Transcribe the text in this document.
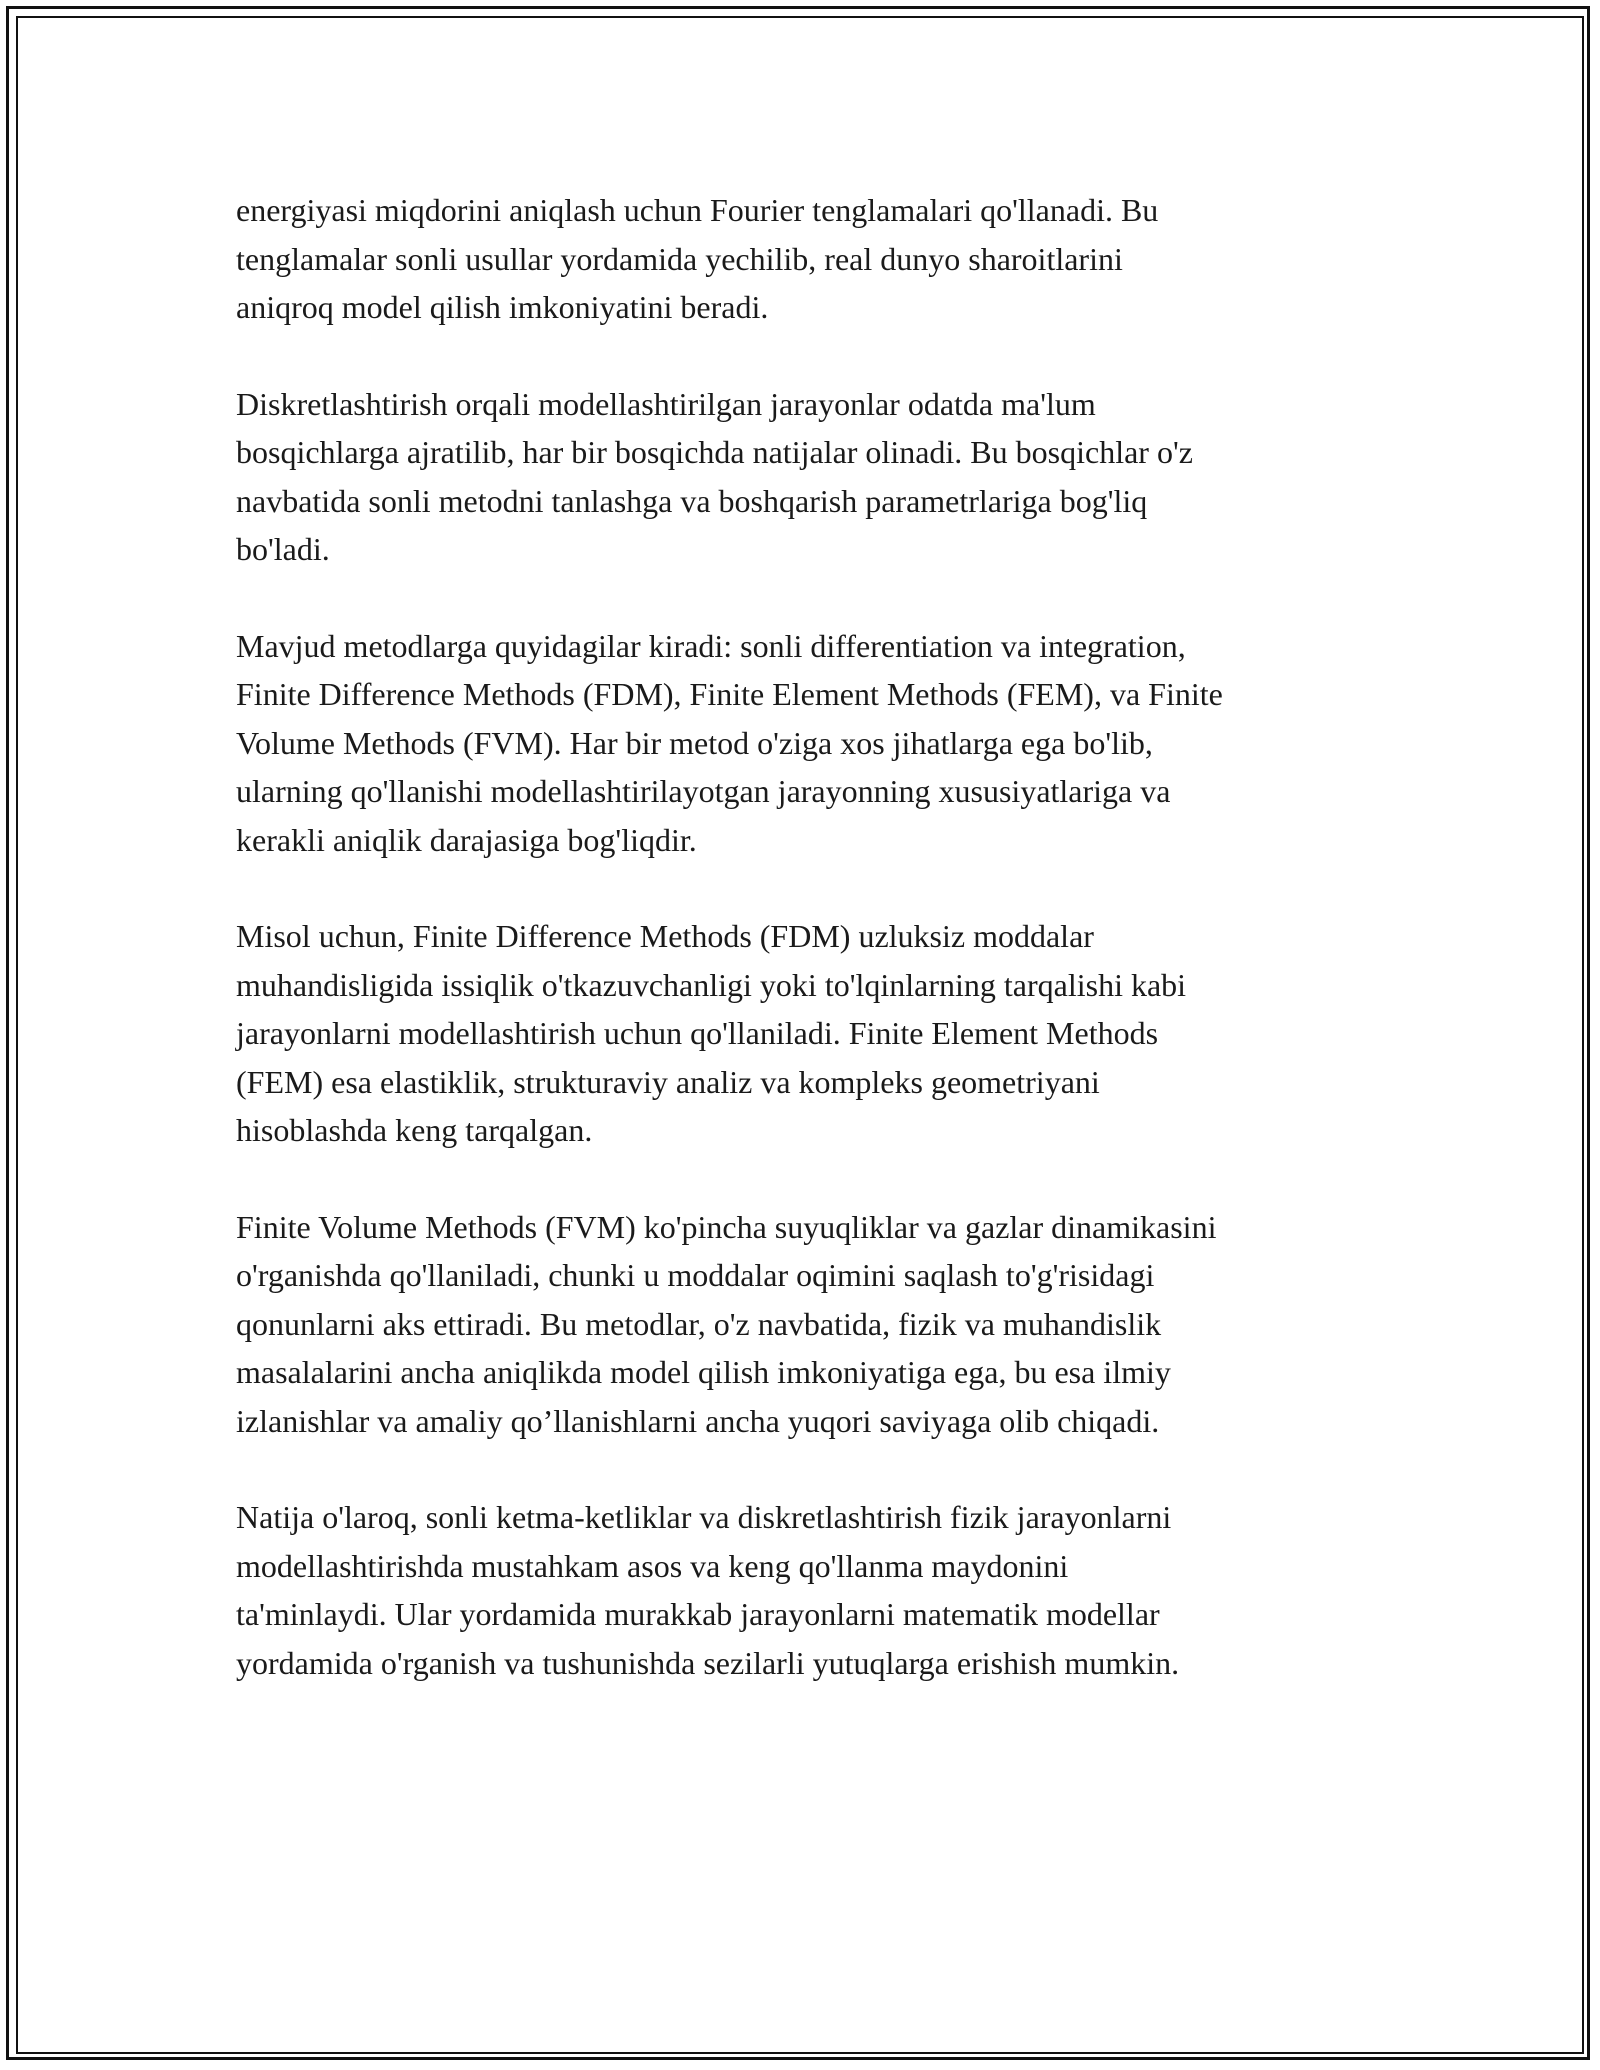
energiyasi miqdorini aniqlash uchun Fourier tenglamalari qo'llanadi. Bu
tenglamalar sonli usullar yordamida yechilib, real dunyo sharoitlarini
aniqroq model qilish imkoniyatini beradi.

Diskretlashtirish orqali modellashtirilgan jarayonlar odatda ma'lum
bosqichlarga ajratilib, har bir bosqichda natijalar olinadi. Bu bosqichlar o'z
navbatida sonli metodni tanlashga va boshqarish parametrlariga bog'liq
bo'ladi.

Mavjud metodlarga quyidagilar kiradi: sonli differentiation va integration,
Finite Difference Methods (FDM), Finite Element Methods (FEM), va Finite
Volume Methods (FVM). Har bir metod o'ziga xos jihatlarga ega bo'lib,
ularning qo'llanishi modellashtirilayotgan jarayonning xususiyatlariga va
kerakli aniqlik darajasiga bog'liqdir.

Misol uchun, Finite Difference Methods (FDM) uzluksiz moddalar
muhandisligida issiqlik o'tkazuvchanligi yoki to'lqinlarning tarqalishi kabi
jarayonlarni modellashtirish uchun qo'llaniladi. Finite Element Methods
(FEM) esa elastiklik, strukturaviy analiz va kompleks geometriyani
hisoblashda keng tarqalgan.

Finite Volume Methods (FVM) ko'pincha suyuqliklar va gazlar dinamikasini
o'rganishda qo'llaniladi, chunki u moddalar oqimini saqlash to'g'risidagi
qonunlarni aks ettiradi. Bu metodlar, o'z navbatida, fizik va muhandislik
masalalarini ancha aniqlikda model qilish imkoniyatiga ega, bu esa ilmiy
izlanishlar va amaliy qo’llanishlarni ancha yuqori saviyaga olib chiqadi.

Natija o'laroq, sonli ketma-ketliklar va diskretlashtirish fizik jarayonlarni
modellashtirishda mustahkam asos va keng qo'llanma maydonini
ta'minlaydi. Ular yordamida murakkab jarayonlarni matematik modellar
yordamida o'rganish va tushunishda sezilarli yutuqlarga erishish mumkin.
